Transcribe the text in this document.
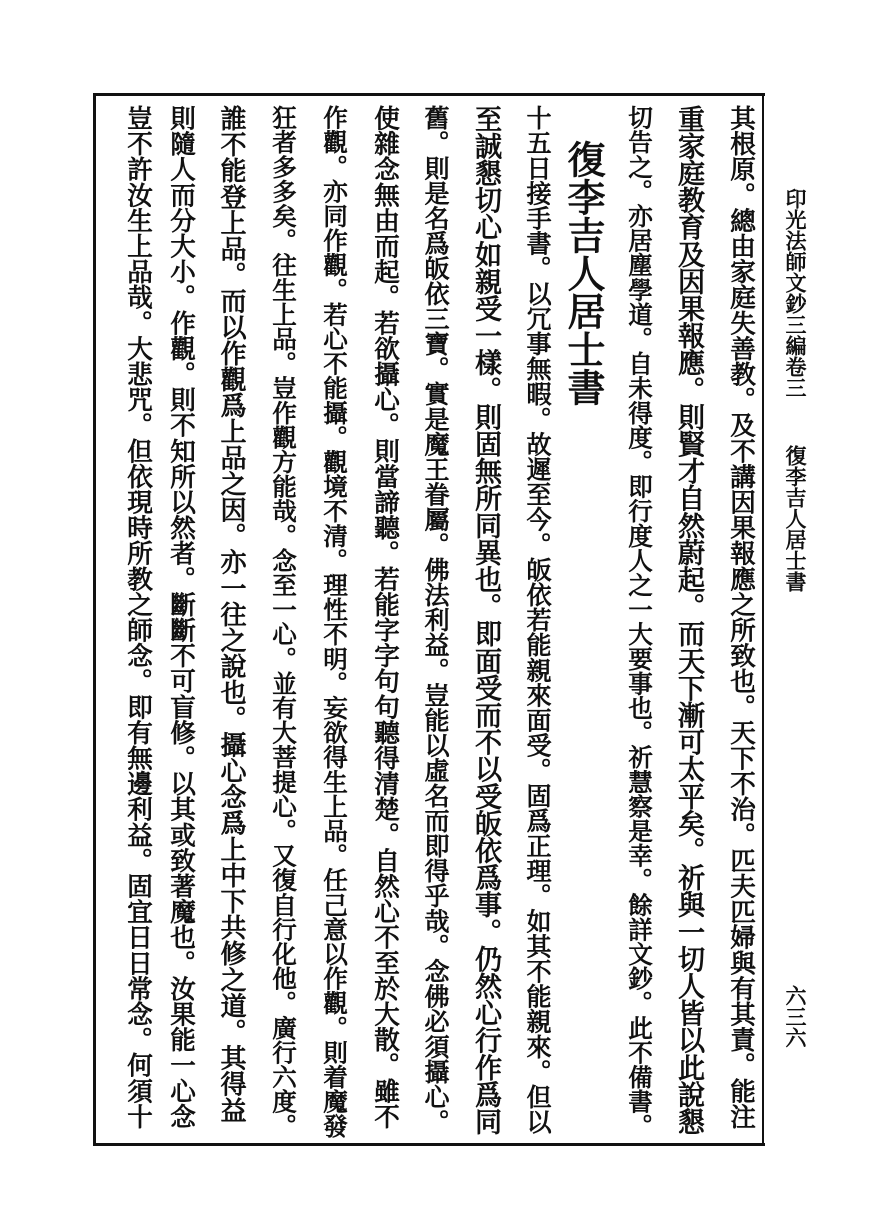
印光法師文鈔三編卷三
復李吉人居士書
六三六
其根原。總由家庭失善教。及不講因果報應之所致也。天下不治。匹夫匹婦與有其責。能注
重家庭教育及因果報應。則賢才自然蔚起。而天下漸可太平矣。祈與一切人皆以此說懇
切告之。亦居塵學道。自未得度。即行度人之一大要事也。祈慧察是幸。餘詳文鈔。此不備書。
復李吉人居士書
十五日接手書。以冗事無暇。故遲至今。皈依若能親來面受。固爲正理。如其不能親來。但以
至誠懇切心如親受一樣。則固無所同異也。即面受而不以受皈依爲事。仍然心行作爲同
舊。則是名爲皈依三寶。實是魔王眷屬。佛法利益。豈能以虛名而即得乎哉。念佛必須攝心。
使雜念無由而起。若欲攝心。則當諦聽。若能字字句句聽得清楚。自然心不至於大散。雖不
作觀。亦同作觀。若心不能攝。觀境不清。理性不明。妄欲得生上品。任己意以作觀。則着魔發
狂者多多矣。往生上品。豈作觀方能哉。念至一心。並有大菩提心。又復自行化他。廣行六度。
誰不能登上品。而以作觀爲上品之因。亦一往之說也。攝心念爲上中下共修之道。其得益
則隨人而分大小。作觀。則不知所以然者。斷斷不可盲修。以其或致著魔也。汝果能一心念
豈不許汝生上品哉。大悲咒。但依現時所教之師念。即有無邊利益。固宜日日常念。何須十
